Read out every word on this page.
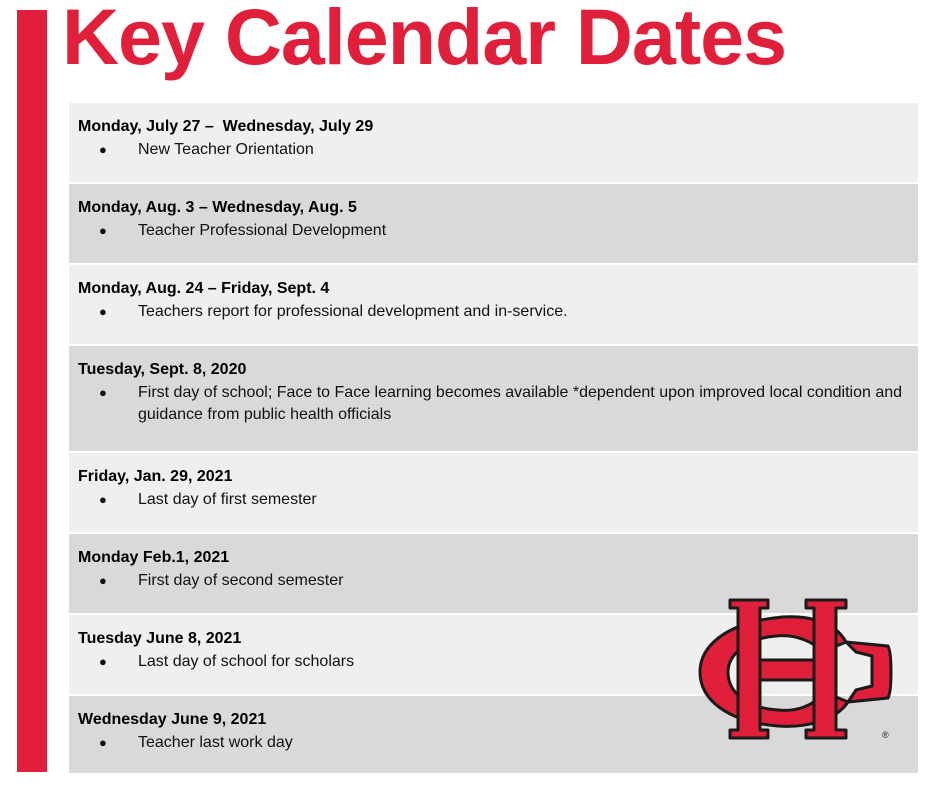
Key Calendar Dates
Monday, July 27 –  Wednesday, July 29
●	New Teacher Orientation
Monday, Aug. 3 – Wednesday, Aug. 5
●	Teacher Professional Development
Monday, Aug. 24 – Friday, Sept. 4
●	Teachers report for professional development and in-service.
Tuesday, Sept. 8, 2020
●	First day of school; Face to Face learning becomes available *dependent upon improved local condition and guidance from public health officials
Friday, Jan. 29, 2021
●	Last day of first semester
Monday Feb.1, 2021
●	First day of second semester
Tuesday June 8, 2021
●	Last day of school for scholars
Wednesday June 9, 2021
●	Teacher last work day	®
